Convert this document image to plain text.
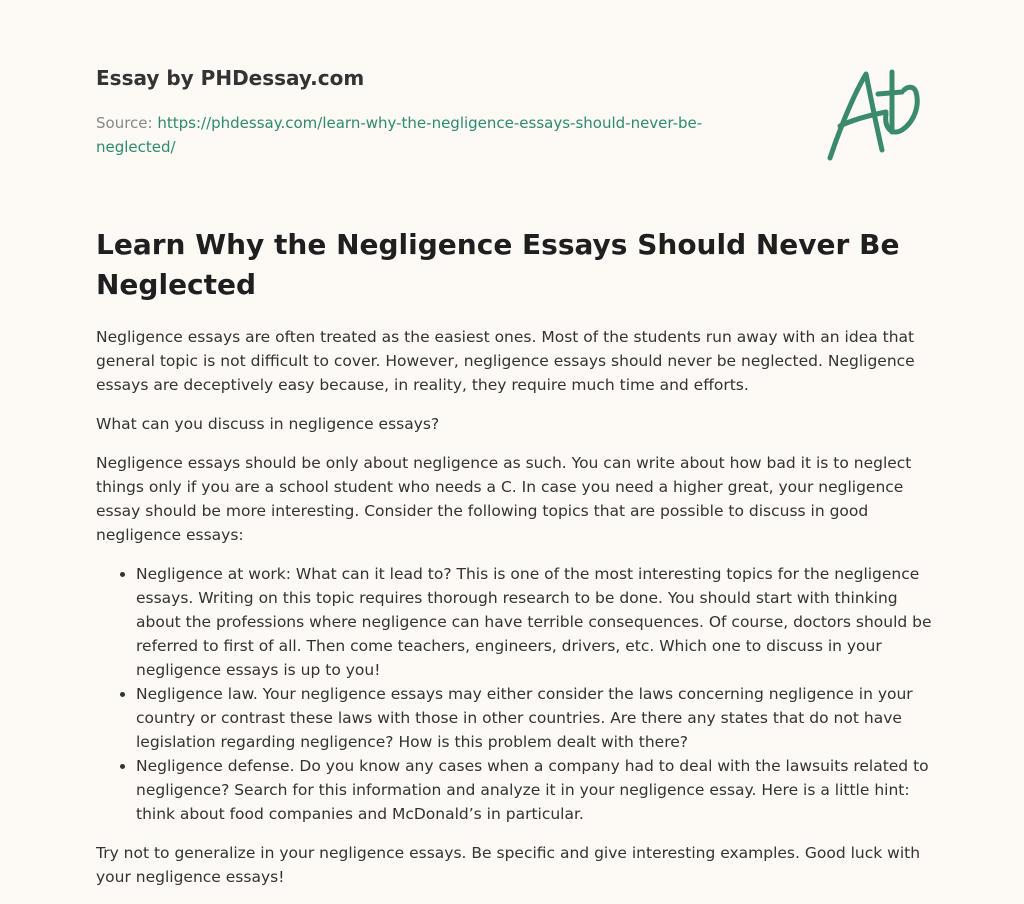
Essay by PHDessay.com

Source: https://phdessay.com/learn-why-the-negligence-essays-should-never-be-neglected/

Learn Why the Negligence Essays Should Never Be Neglected

Negligence essays are often treated as the easiest ones. Most of the students run away with an idea that general topic is not difficult to cover. However, negligence essays should never be neglected. Negligence essays are deceptively easy because, in reality, they require much time and efforts.

What can you discuss in negligence essays?

Negligence essays should be only about negligence as such. You can write about how bad it is to neglect things only if you are a school student who needs a C. In case you need a higher great, your negligence essay should be more interesting. Consider the following topics that are possible to discuss in good negligence essays:

• Negligence at work: What can it lead to? This is one of the most interesting topics for the negligence essays. Writing on this topic requires thorough research to be done. You should start with thinking about the professions where negligence can have terrible consequences. Of course, doctors should be referred to first of all. Then come teachers, engineers, drivers, etc. Which one to discuss in your negligence essays is up to you!
• Negligence law. Your negligence essays may either consider the laws concerning negligence in your country or contrast these laws with those in other countries. Are there any states that do not have legislation regarding negligence? How is this problem dealt with there?
• Negligence defense. Do you know any cases when a company had to deal with the lawsuits related to negligence? Search for this information and analyze it in your negligence essay. Here is a little hint: think about food companies and McDonald’s in particular.

Try not to generalize in your negligence essays. Be specific and give interesting examples. Good luck with your negligence essays!
